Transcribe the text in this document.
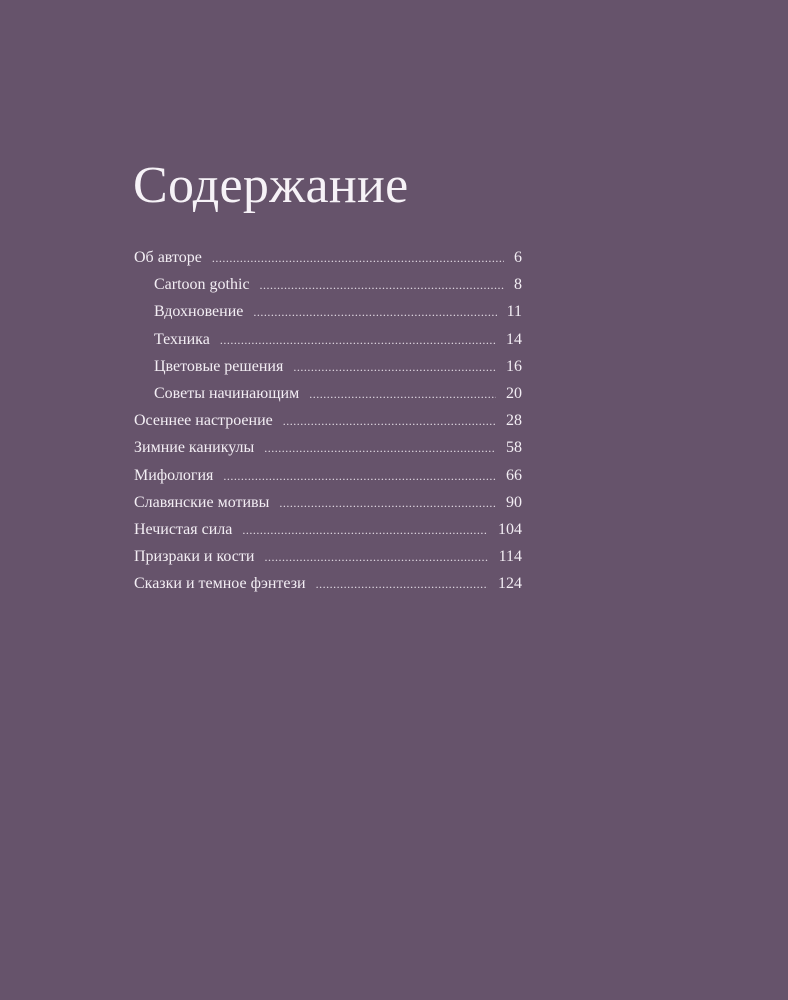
Содержание
Об авторе .....	6
Cartoon gothic .....	8
Вдохновение .....	11
Техника .....	14
Цветовые решения .....	16
Советы начинающим .....	20
Осеннее настроение .....	28
Зимние каникулы .....	58
Мифология .....	66
Славянские мотивы .....	90
Нечистая сила .....	104
Призраки и кости .....	114
Сказки и темное фэнтези .....	124
